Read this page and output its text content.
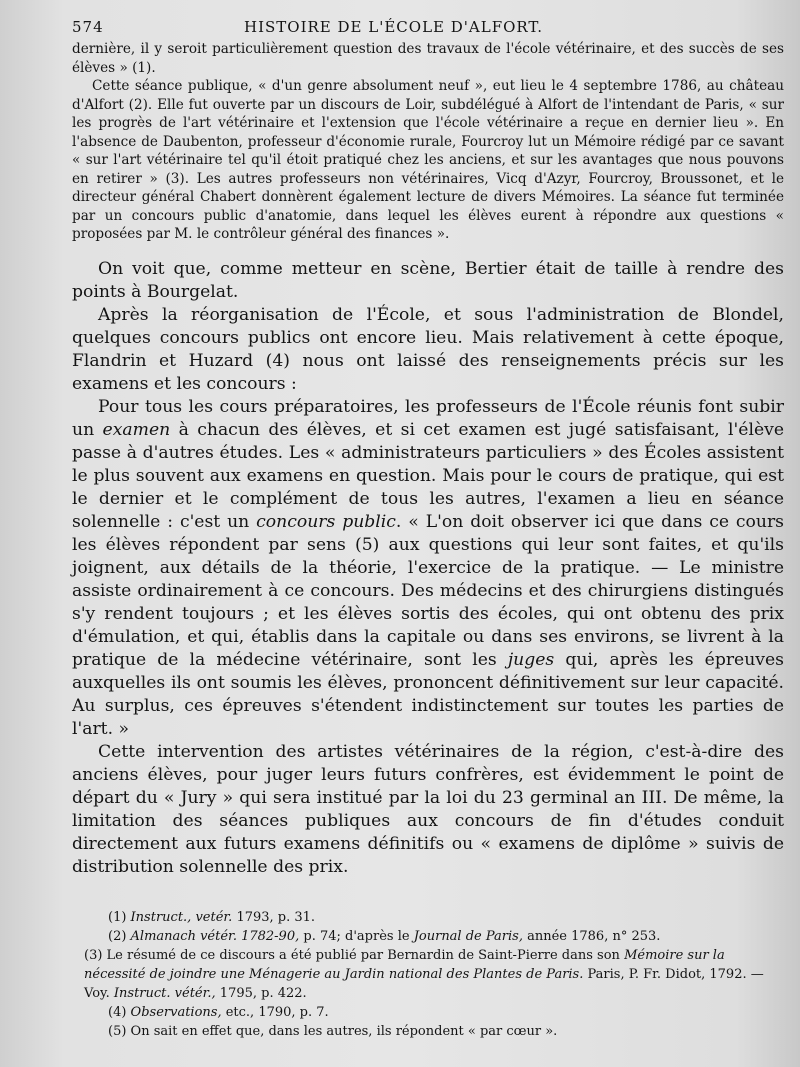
574	HISTOIRE DE L'ÉCOLE D'ALFORT.

dernière, il y seroit particulièrement question des travaux de l'école vétérinaire, et des succès de ses élèves » (1).

Cette séance publique, « d'un genre absolument neuf », eut lieu le 4 septembre 1786, au château d'Alfort (2). Elle fut ouverte par un discours de Loir, subdélégué à Alfort de l'intendant de Paris, « sur les progrès de l'art vétérinaire et l'extension que l'école vétérinaire a reçue en dernier lieu ». En l'absence de Daubenton, professeur d'économie rurale, Fourcroy lut un Mémoire rédigé par ce savant « sur l'art vétérinaire tel qu'il étoit pratiqué chez les anciens, et sur les avantages que nous pouvons en retirer » (3). Les autres professeurs non vétérinaires, Vicq d'Azyr, Fourcroy, Broussonet, et le directeur général Chabert donnèrent également lecture de divers Mémoires. La séance fut terminée par un concours public d'anatomie, dans lequel les élèves eurent à répondre aux questions « proposées par M. le contrôleur général des finances ».

On voit que, comme metteur en scène, Bertier était de taille à rendre des points à Bourgelat.

Après la réorganisation de l'École, et sous l'administration de Blondel, quelques concours publics ont encore lieu. Mais relativement à cette époque, Flandrin et Huzard (4) nous ont laissé des renseignements précis sur les examens et les concours :

Pour tous les cours préparatoires, les professeurs de l'École réunis font subir un examen à chacun des élèves, et si cet examen est jugé satisfaisant, l'élève passe à d'autres études. Les « administrateurs particuliers » des Écoles assistent le plus souvent aux examens en question. Mais pour le cours de pratique, qui est le dernier et le complément de tous les autres, l'examen a lieu en séance solennelle : c'est un concours public. « L'on doit observer ici que dans ce cours les élèves répondent par sens (5) aux questions qui leur sont faites, et qu'ils joignent, aux détails de la théorie, l'exercice de la pratique. — Le ministre assiste ordinairement à ce concours. Des médecins et des chirurgiens distingués s'y rendent toujours ; et les élèves sortis des écoles, qui ont obtenu des prix d'émulation, et qui, établis dans la capitale ou dans ses environs, se livrent à la pratique de la médecine vétérinaire, sont les juges qui, après les épreuves auxquelles ils ont soumis les élèves, prononcent définitivement sur leur capacité. Au surplus, ces épreuves s'étendent indistinctement sur toutes les parties de l'art. »

Cette intervention des artistes vétérinaires de la région, c'est-à-dire des anciens élèves, pour juger leurs futurs confrères, est évidemment le point de départ du « Jury » qui sera institué par la loi du 23 germinal an III. De même, la limitation des séances publiques aux concours de fin d'études conduit directement aux futurs examens définitifs ou « examens de diplôme » suivis de distribution solennelle des prix.

(1) Instruct., vetér. 1793, p. 31.

(2) Almanach vétér. 1782-90, p. 74; d'après le Journal de Paris, année 1786, n° 253.

(3) Le résumé de ce discours a été publié par Bernardin de Saint-Pierre dans son Mémoire sur la nécessité de joindre une Ménagerie au Jardin national des Plantes de Paris. Paris, P. Fr. Didot, 1792. — Voy. Instruct. vétér., 1795, p. 422.

(4) Observations, etc., 1790, p. 7.

(5) On sait en effet que, dans les autres, ils répondent « par cœur ».
